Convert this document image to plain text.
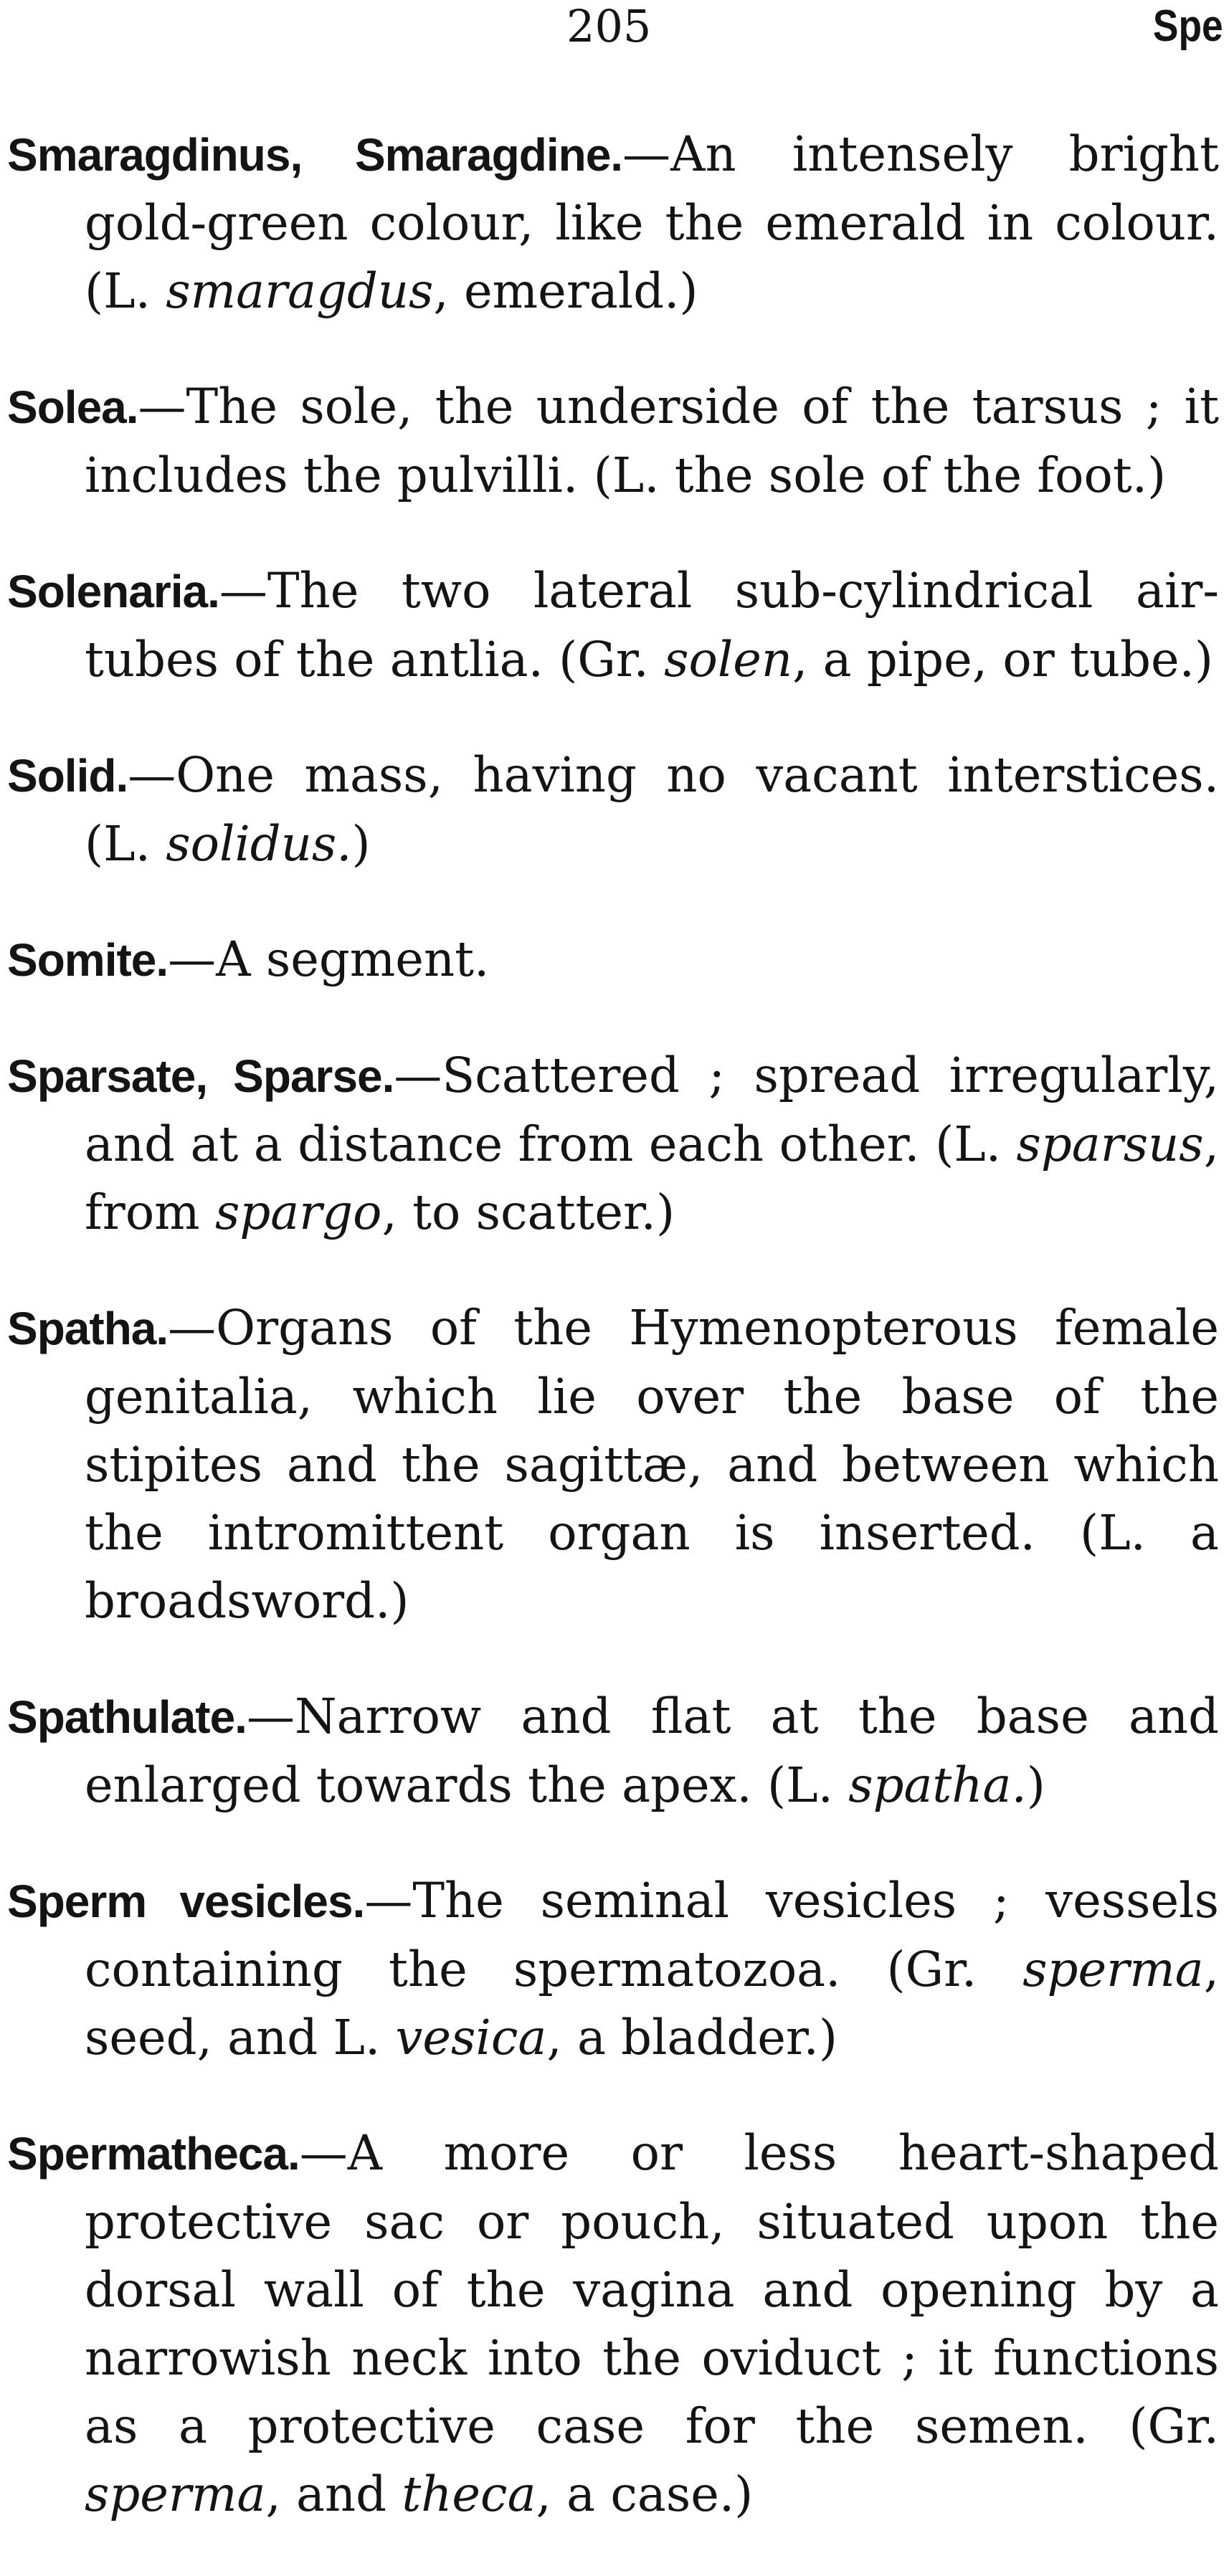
205	Spe
Smaragdinus, Smaragdine.—An intensely bright gold-green colour, like the emerald in colour. (L. smaragdus, emerald.)
Solea.—The sole, the underside of the tarsus ; it includes the pulvilli. (L. the sole of the foot.)
Solenaria.—The two lateral sub-cylindrical air-tubes of the antlia. (Gr. solen, a pipe, or tube.)
Solid.—One mass, having no vacant interstices. (L. solidus.)
Somite.—A segment.
Sparsate, Sparse.—Scattered ; spread irregularly, and at a distance from each other. (L. sparsus, from spargo, to scatter.)
Spatha.—Organs of the Hymenopterous female genitalia, which lie over the base of the stipites and the sagittæ, and between which the intromittent organ is inserted. (L. a broadsword.)
Spathulate.—Narrow and flat at the base and enlarged towards the apex. (L. spatha.)
Sperm vesicles.—The seminal vesicles ; vessels containing the spermatozoa. (Gr. sperma, seed, and L. vesica, a bladder.)
Spermatheca.—A more or less heart-shaped protective sac or pouch, situated upon the dorsal wall of the vagina and opening by a narrowish neck into the oviduct ; it functions as a protective case for the semen. (Gr. sperma, and theca, a case.)
